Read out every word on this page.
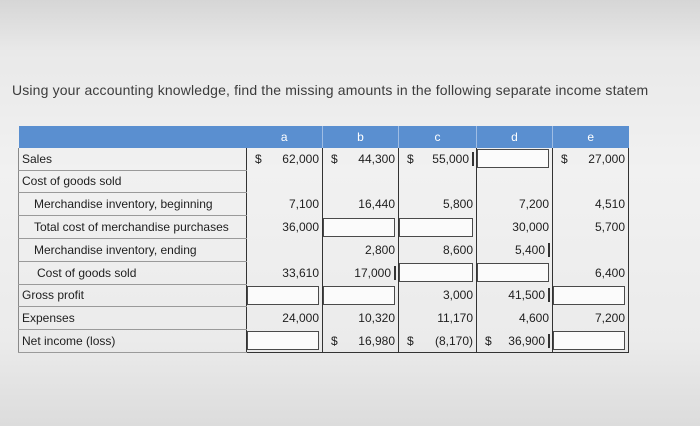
Using your accounting knowledge, find the missing amounts in the following separate income statem
	a	b	c	d	e
Sales	$ 62,000	$ 44,300	$ 55,000		$ 27,000

Cost of goods sold					
Merchandise inventory, beginning	7,100	16,440	5,800	7,200	4,510

Total cost of merchandise purchases	36,000			30,000	5,700

Merchandise inventory, ending		2,800	8,600	5,400	

Cost of goods sold	33,610	17,000			6,400

Gross profit			3,000	41,500	

Expenses	24,000	10,320	11,170	4,600	7,200

Net income (loss)		$ 16,980	$ (8,170)	$ 36,900	
